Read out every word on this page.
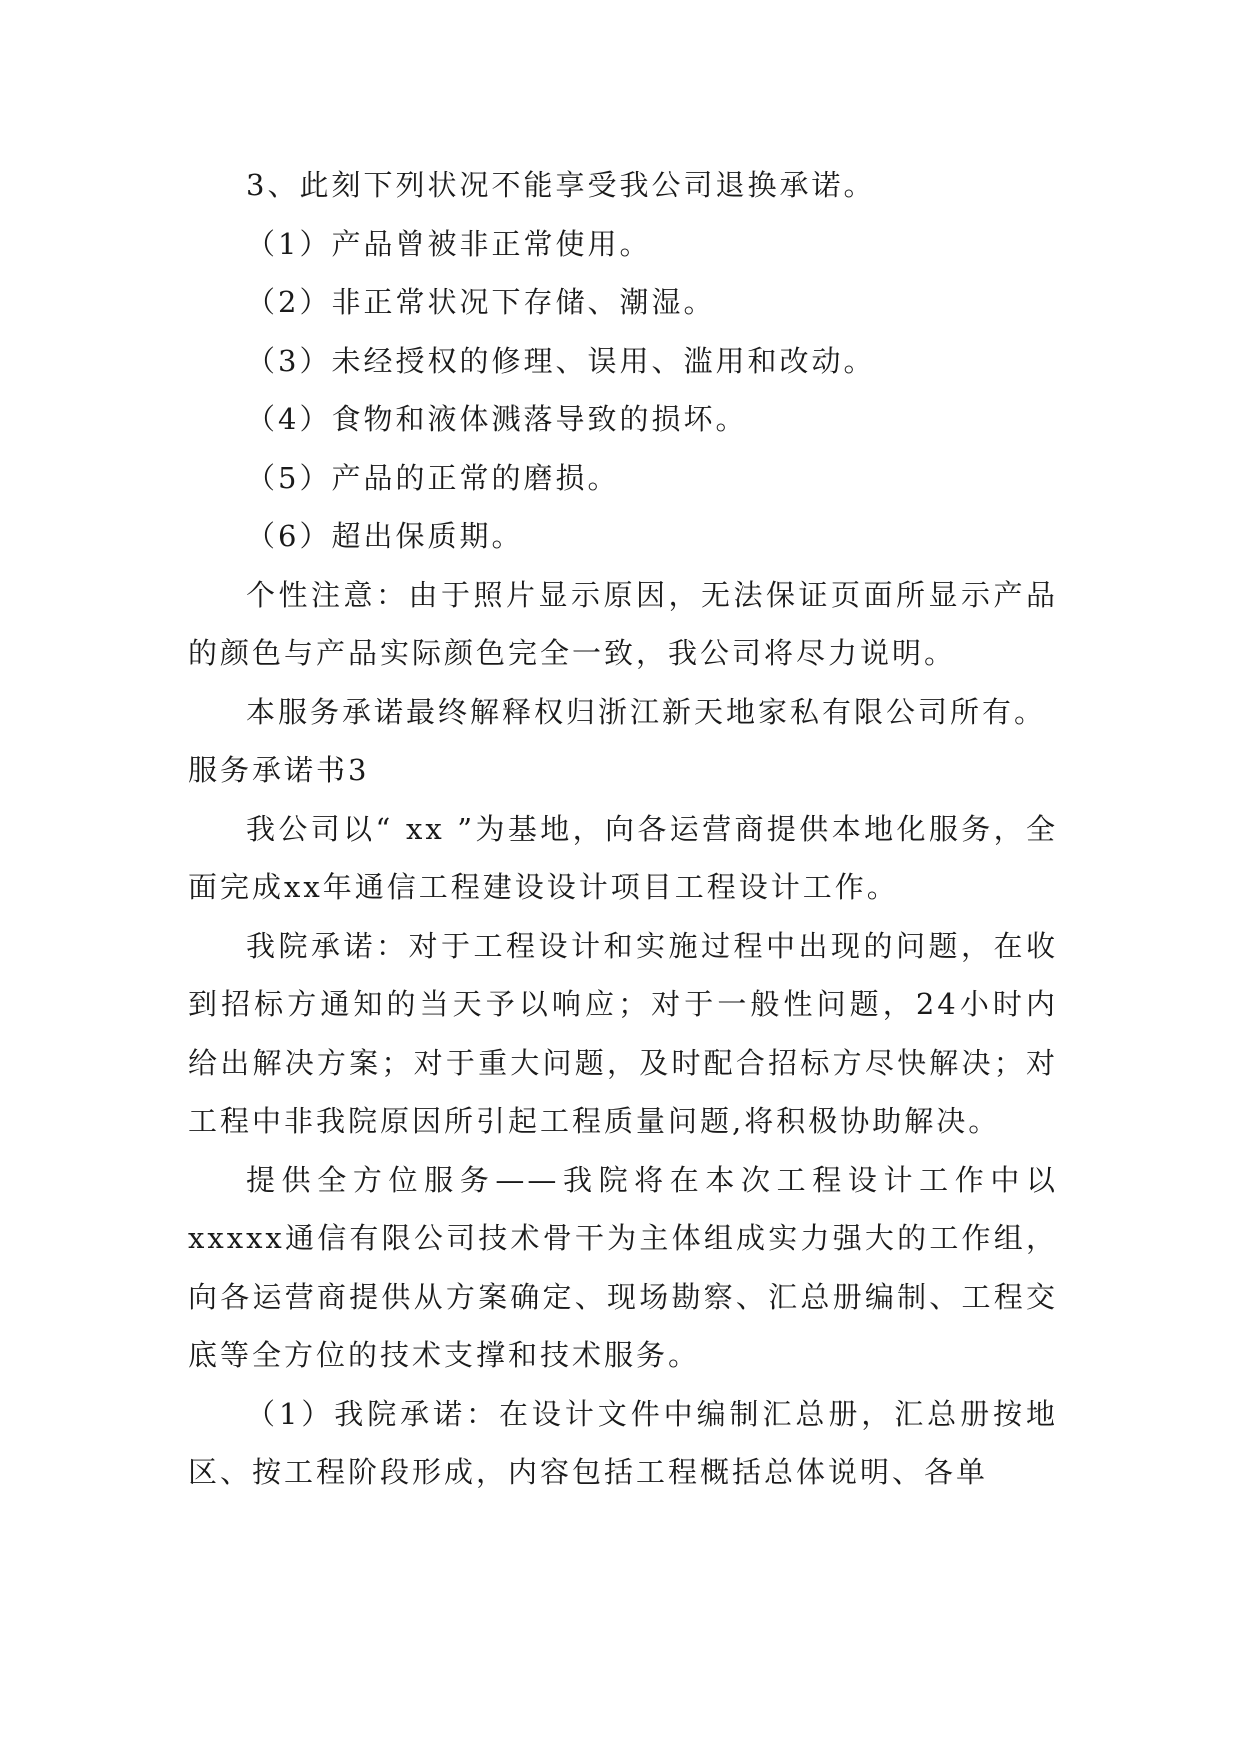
3、此刻下列状况不能享受我公司退换承诺。

（1）产品曾被非正常使用。

（2）非正常状况下存储、潮湿。

（3）未经授权的修理、误用、滥用和改动。

（4）食物和液体溅落导致的损坏。

（5）产品的正常的磨损。

（6）超出保质期。

个性注意：由于照片显示原因，无法保证页面所显示产品的颜色与产品实际颜色完全一致，我公司将尽力说明。

本服务承诺最终解释权归浙江新天地家私有限公司所有。

服务承诺书3

我公司以“ xx ”为基地，向各运营商提供本地化服务，全面完成xx年通信工程建设设计项目工程设计工作。

我院承诺：对于工程设计和实施过程中出现的问题，在收到招标方通知的当天予以响应；对于一般性问题，24小时内给出解决方案；对于重大问题，及时配合招标方尽快解决；对工程中非我院原因所引起工程质量问题,将积极协助解决。

提供全方位服务——我院将在本次工程设计工作中以xxxxx通信有限公司技术骨干为主体组成实力强大的工作组，向各运营商提供从方案确定、现场勘察、汇总册编制、工程交底等全方位的技术支撑和技术服务。

（1）我院承诺：在设计文件中编制汇总册，汇总册按地区、按工程阶段形成，内容包括工程概括总体说明、各单
